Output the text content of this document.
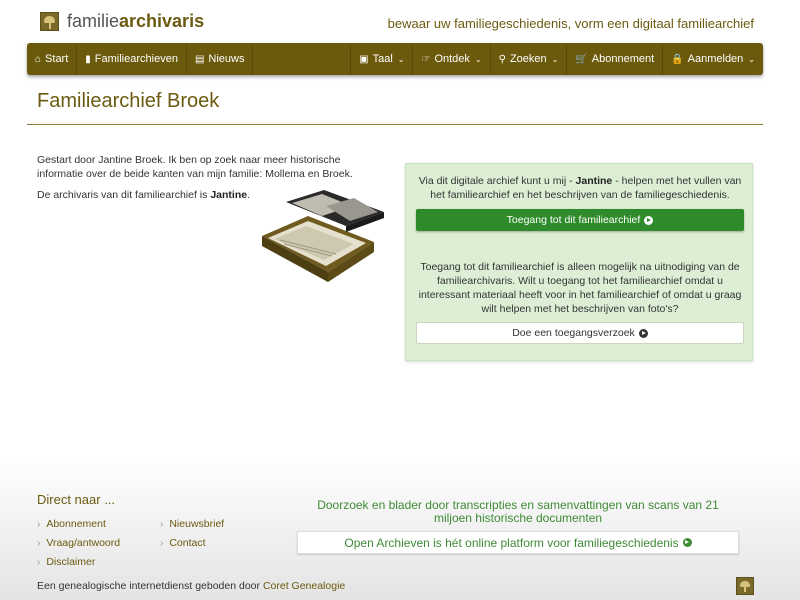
familiearchivaris	bewaar uw familiegeschiedenis, vorm een digitaal familiearchief
⌂ Start ▮ Familiearchieven ▤ Nieuws	▣ Taal ⌄ ☞ Ontdek ⌄ ⚲ Zoeken ⌄ 🛒 Abonnement 🔒 Aanmelden ⌄
Familiearchief Broek

Gestart door Jantine Broek. Ik ben op zoek naar meer historische informatie over de beide kanten van mijn familie: Mollema en Broek.

De archivaris van dit familiearchief is Jantine.

Via dit digitale archief kunt u mij - Jantine - helpen met het vullen van het familiearchief en het beschrijven van de familiegeschiedenis.
Toegang tot dit familiearchief
Toegang tot dit familiearchief is alleen mogelijk na uitnodiging van de familiearchivaris. Wilt u toegang tot het familiearchief omdat u interessant materiaal heeft voor in het familiearchief of omdat u graag wilt helpen met het beschrijven van foto's?
Doe een toegangsverzoek
Direct naar ...
› Abonnement	› Nieuwsbrief
› Vraag/antwoord	› Contact
› Disclaimer
Doorzoek en blader door transcripties en samenvattingen van scans van 21 miljoen historische documenten
Open Archieven is hét online platform voor familiegeschiedenis
Een genealogische internetdienst geboden door Coret Genealogie
